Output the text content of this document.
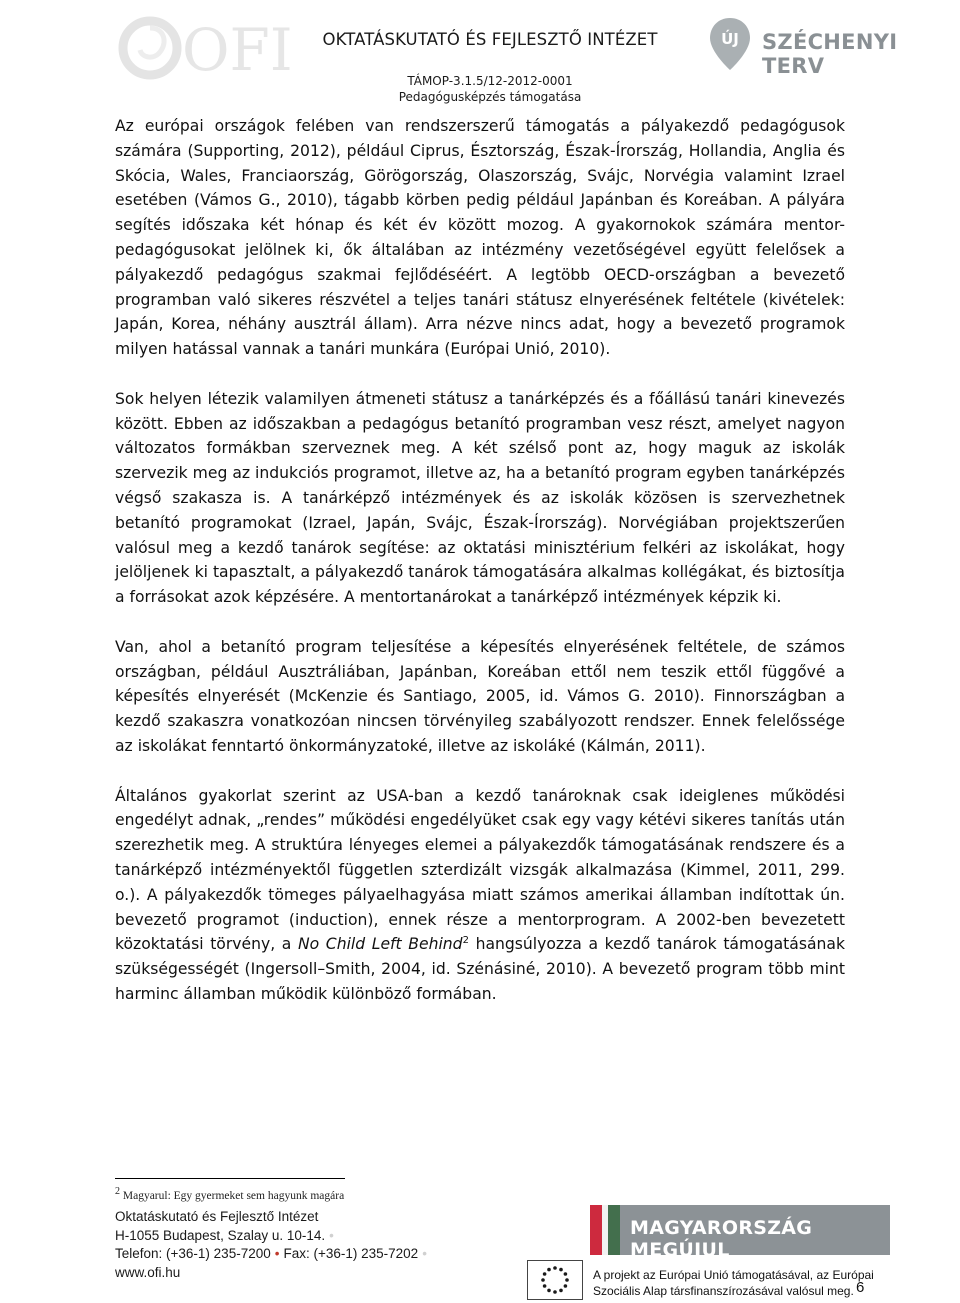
OFI	OKTATÁSKUTATÓ ÉS FEJLESZTŐ INTÉZET
TÁMOP-3.1.5/12-2012-0001
Pedagógusképzés támogatása
ÚJ SZÉCHENYI TERV

Az európai országok felében van rendszerszerű támogatás a pályakezdő pedagógusok számára (Supporting, 2012), például Ciprus, Észtország, Észak-Írország, Hollandia, Anglia és Skócia, Wales, Franciaország, Görögország, Olaszország, Svájc, Norvégia valamint Izrael esetében (Vámos G., 2010), tágabb körben pedig például Japánban és Koreában. A pályára segítés időszaka két hónap és két év között mozog. A gyakornokok számára mentor-pedagógusokat jelölnek ki, ők általában az intézmény vezetőségével együtt felelősek a pályakezdő pedagógus szakmai fejlődéséért. A legtöbb OECD-országban a bevezető programban való sikeres részvétel a teljes tanári státusz elnyerésének feltétele (kivételek: Japán, Korea, néhány ausztrál állam). Arra nézve nincs adat, hogy a bevezető programok milyen hatással vannak a tanári munkára (Európai Unió, 2010).

Sok helyen létezik valamilyen átmeneti státusz a tanárképzés és a főállású tanári kinevezés között. Ebben az időszakban a pedagógus betanító programban vesz részt, amelyet nagyon változatos formákban szerveznek meg. A két szélső pont az, hogy maguk az iskolák szervezik meg az indukciós programot, illetve az, ha a betanító program egyben tanárképzés végső szakasza is. A tanárképző intézmények és az iskolák közösen is szervezhetnek betanító programokat (Izrael, Japán, Svájc, Észak-Írország). Norvégiában projektszerűen valósul meg a kezdő tanárok segítése: az oktatási minisztérium felkéri az iskolákat, hogy jelöljenek ki tapasztalt, a pályakezdő tanárok támogatására alkalmas kollégákat, és biztosítja a forrásokat azok képzésére. A mentortanárokat a tanárképző intézmények képzik ki.

Van, ahol a betanító program teljesítése a képesítés elnyerésének feltétele, de számos országban, például Ausztráliában, Japánban, Koreában ettől nem teszik ettől függővé a képesítés elnyerését (McKenzie és Santiago, 2005, id. Vámos G. 2010). Finnországban a kezdő szakaszra vonatkozóan nincsen törvényileg szabályozott rendszer. Ennek felelőssége az iskolákat fenntartó önkormányzatoké, illetve az iskoláké (Kálmán, 2011).

Általános gyakorlat szerint az USA-ban a kezdő tanároknak csak ideiglenes működési engedélyt adnak, „rendes” működési engedélyüket csak egy vagy kétévi sikeres tanítás után szerezhetik meg. A struktúra lényeges elemei a pályakezdők támogatásának rendszere és a tanárképző intézményektől független szterdizált vizsgák alkalmazása (Kimmel, 2011, 299. o.). A pályakezdők tömeges pályaelhagyása miatt számos amerikai államban indítottak ún. bevezető programot (induction), ennek része a mentorprogram. A 2002-ben bevezetett közoktatási törvény, a No Child Left Behind$^2$ hangsúlyozza a kezdő tanárok támogatásának szükségességét (Ingersoll–Smith, 2004, id. Szénásiné, 2010). A bevezető program több mint harminc államban működik különböző formában.

$^2$ Magyarul: Egy gyermeket sem hagyunk magára
Oktatáskutató és Fejlesztő Intézet
H-1055 Budapest, Szalay u. 10-14. •
Telefon: (+36-1) 235-7200 • Fax: (+36-1) 235-7202 •
www.ofi.hu
MAGYARORSZÁG MEGÚJUL
A projekt az Európai Unió támogatásával, az Európai
Szociális Alap társfinanszírozásával valósul meg. 6
